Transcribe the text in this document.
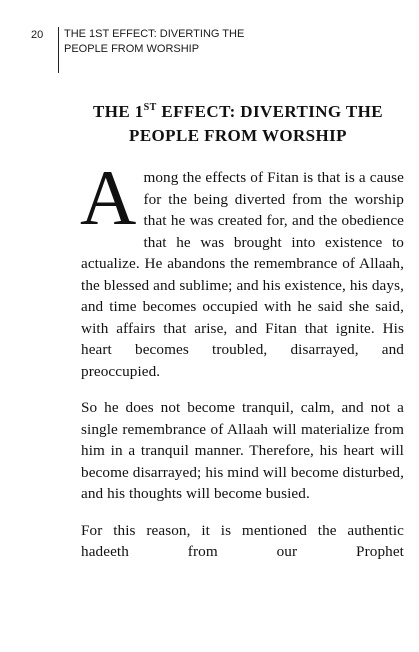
20	THE 1ST EFFECT: DIVERTING THE PEOPLE FROM WORSHIP
THE 1ST EFFECT: DIVERTING THE PEOPLE FROM WORSHIP

Among the effects of Fitan is that is a cause for the being diverted from the worship that he was created for, and the obedience that he was brought into existence to actualize. He abandons the remembrance of Allaah, the blessed and sublime; and his existence, his days, and time becomes occupied with he said she said, with affairs that arise, and Fitan that ignite. His heart becomes troubled, disarrayed, and preoccupied.

So he does not become tranquil, calm, and not a single remembrance of Allaah will materialize from him in a tranquil manner. Therefore, his heart will become disarrayed; his mind will become disturbed, and his thoughts will become busied.

For this reason, it is mentioned the authentic hadeeth from our Prophet
